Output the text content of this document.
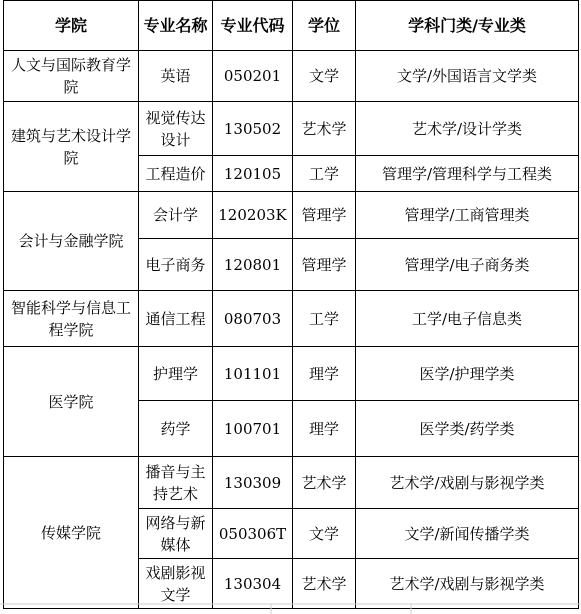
学院	专业名称	专业代码	学位	学科门类/专业类
人文与国际教育学院	英语	050201	文学	文学/外国语言文学类
建筑与艺术设计学院	视觉传达设计	130502	艺术学	艺术学/设计学类
	工程造价	120105	工学	管理学/管理科学与工程类
会计与金融学院	会计学	120203K	管理学	管理学/工商管理类
	电子商务	120801	管理学	管理学/电子商务类
智能科学与信息工程学院	通信工程	080703	工学	工学/电子信息类
医学院	护理学	101101	理学	医学/护理学类
	药学	100701	理学	医学类/药学类
传媒学院	播音与主持艺术	130309	艺术学	艺术学/戏剧与影视学类
	网络与新媒体	050306T	文学	文学/新闻传播学类
	戏剧影视文学	130304	艺术学	艺术学/戏剧与影视学类
